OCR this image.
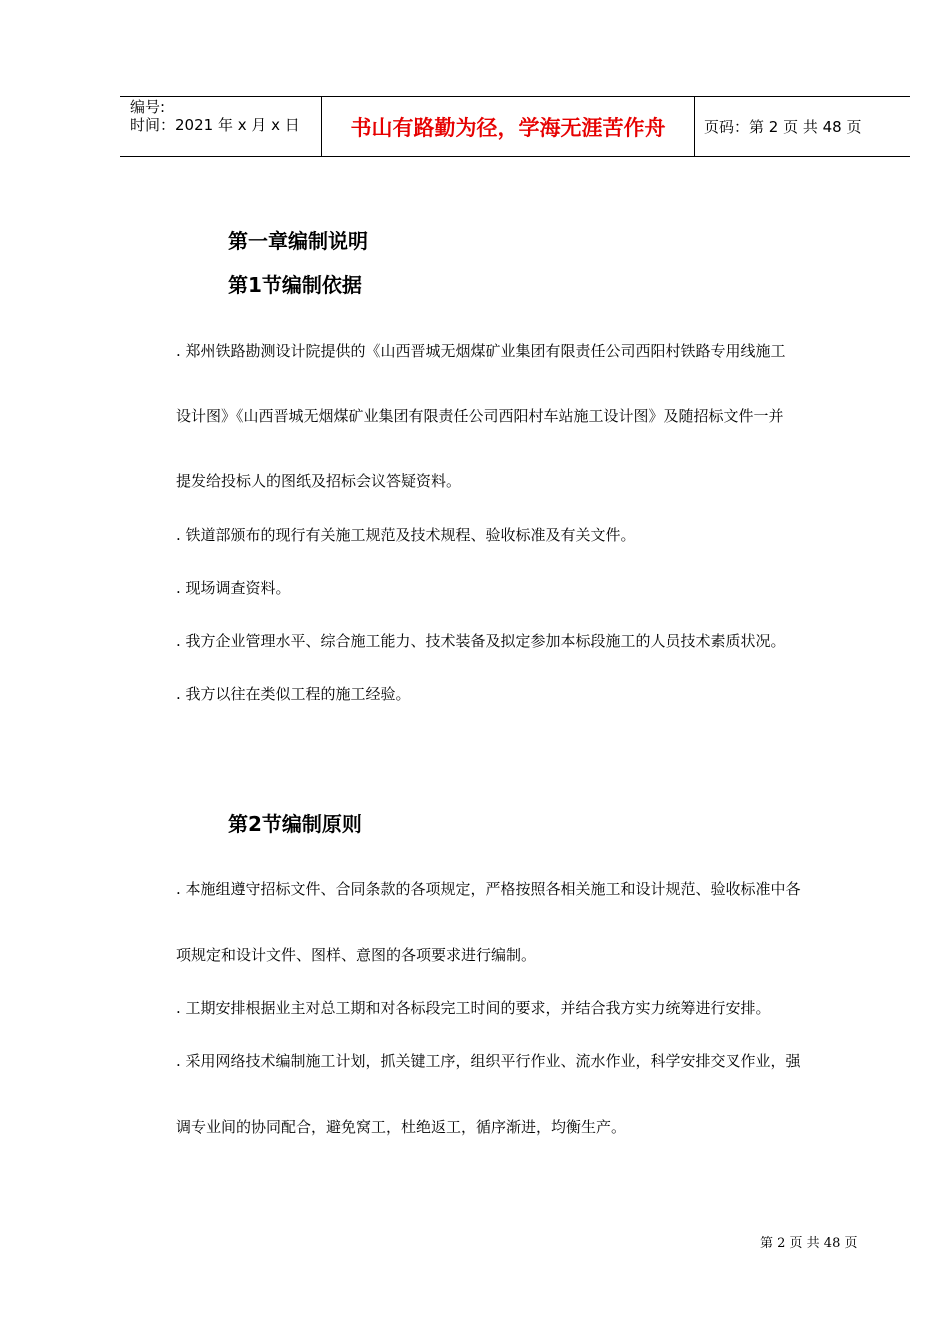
编号:
时间：2021 年 x 月 x 日	书山有路勤为径，学海无涯苦作舟	页码：第 2 页 共 48 页
第一章编制说明
第1节编制依据
. 郑州铁路勘测设计院提供的《山西晋城无烟煤矿业集团有限责任公司西阳村铁路专用线施工
设计图》《山西晋城无烟煤矿业集团有限责任公司西阳村车站施工设计图》及随招标文件一并
提发给投标人的图纸及招标会议答疑资料。
. 铁道部颁布的现行有关施工规范及技术规程、验收标准及有关文件。
. 现场调查资料。
. 我方企业管理水平、综合施工能力、技术装备及拟定参加本标段施工的人员技术素质状况。
. 我方以往在类似工程的施工经验。
第2节编制原则
. 本施组遵守招标文件、合同条款的各项规定，严格按照各相关施工和设计规范、验收标准中各
项规定和设计文件、图样、意图的各项要求进行编制。
. 工期安排根据业主对总工期和对各标段完工时间的要求，并结合我方实力统筹进行安排。
. 采用网络技术编制施工计划，抓关键工序，组织平行作业、流水作业，科学安排交叉作业，强
调专业间的协同配合，避免窝工，杜绝返工，循序渐进，均衡生产。
第 2 页 共 48 页
